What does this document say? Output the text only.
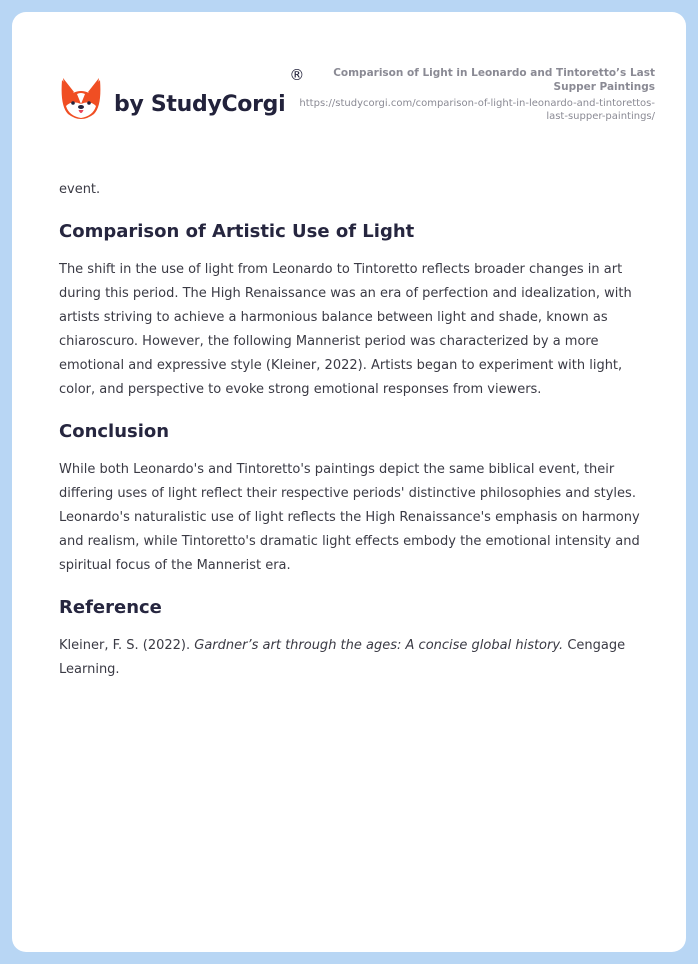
by StudyCorgi
®	Comparison of Light in Leonardo and Tintoretto’s Last Supper Paintings
https://studycorgi.com/comparison-of-light-in-leonardo-and-tintorettos-last-supper-paintings/

event.

Comparison of Artistic Use of Light

The shift in the use of light from Leonardo to Tintoretto reflects broader changes in art during this period. The High Renaissance was an era of perfection and idealization, with artists striving to achieve a harmonious balance between light and shade, known as chiaroscuro. However, the following Mannerist period was characterized by a more emotional and expressive style (Kleiner, 2022). Artists began to experiment with light, color, and perspective to evoke strong emotional responses from viewers.

Conclusion

While both Leonardo's and Tintoretto's paintings depict the same biblical event, their differing uses of light reflect their respective periods' distinctive philosophies and styles. Leonardo's naturalistic use of light reflects the High Renaissance's emphasis on harmony and realism, while Tintoretto's dramatic light effects embody the emotional intensity and spiritual focus of the Mannerist era.

Reference

Kleiner, F. S. (2022). Gardner’s art through the ages: A concise global history. Cengage Learning.
